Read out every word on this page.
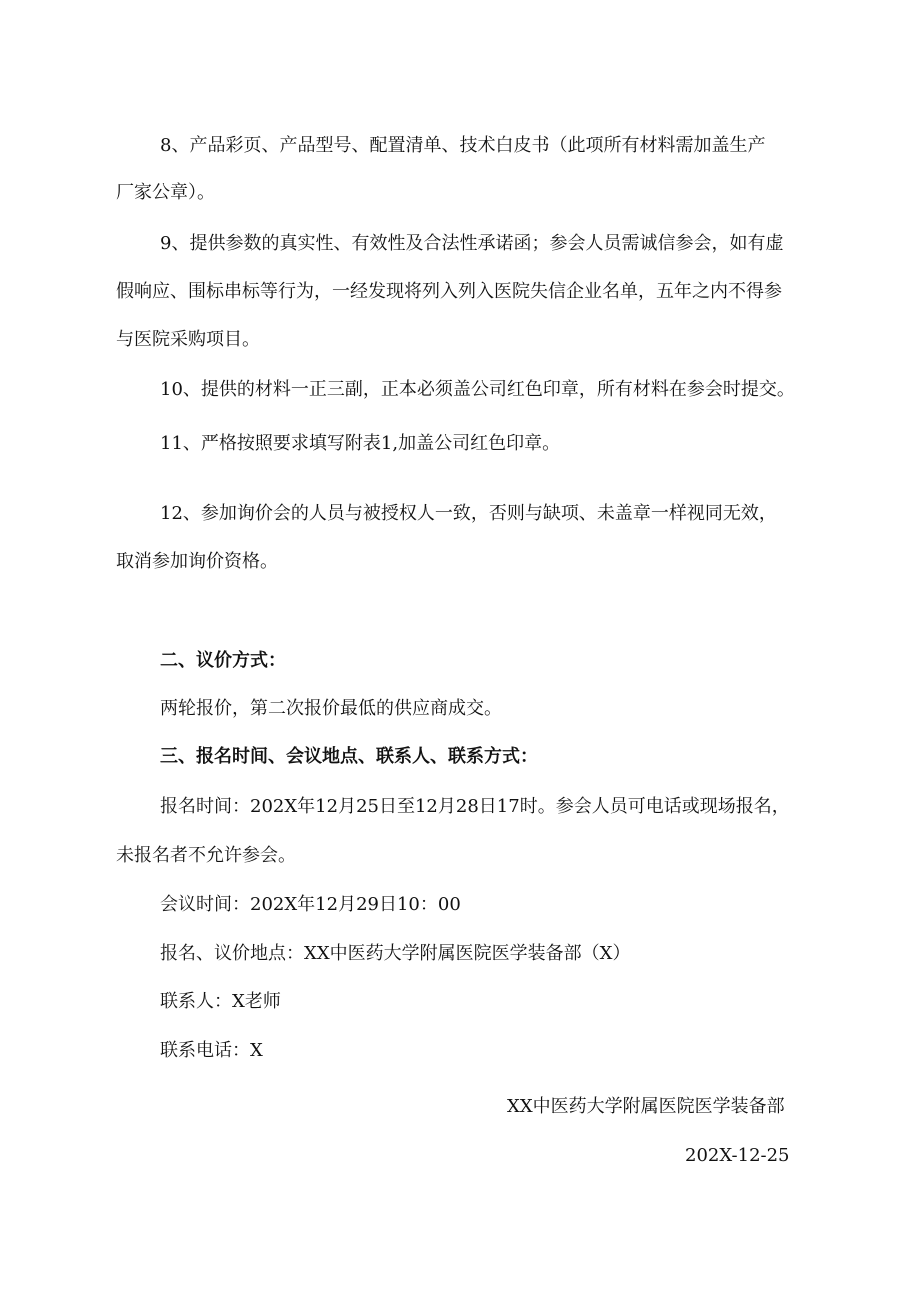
8、产品彩页、产品型号、配置清单、技术白皮书（此项所有材料需加盖生产
厂家公章）。
9、提供参数的真实性、有效性及合法性承诺函；参会人员需诚信参会，如有虚
假响应、围标串标等行为，一经发现将列入列入医院失信企业名单，五年之内不得参
与医院采购项目。
10、提供的材料一正三副，正本必须盖公司红色印章，所有材料在参会时提交。
11、严格按照要求填写附表1,加盖公司红色印章。
12、参加询价会的人员与被授权人一致，否则与缺项、未盖章一样视同无效，
取消参加询价资格。
二、议价方式：
两轮报价，第二次报价最低的供应商成交。
三、报名时间、会议地点、联系人、联系方式：
报名时间：202X年12月25日至12月28日17时。参会人员可电话或现场报名，
未报名者不允许参会。
会议时间：202X年12月29日10：00
报名、议价地点：XX中医药大学附属医院医学装备部（X）
联系人：X老师
联系电话：X
XX中医药大学附属医院医学装备部
202X-12-25
